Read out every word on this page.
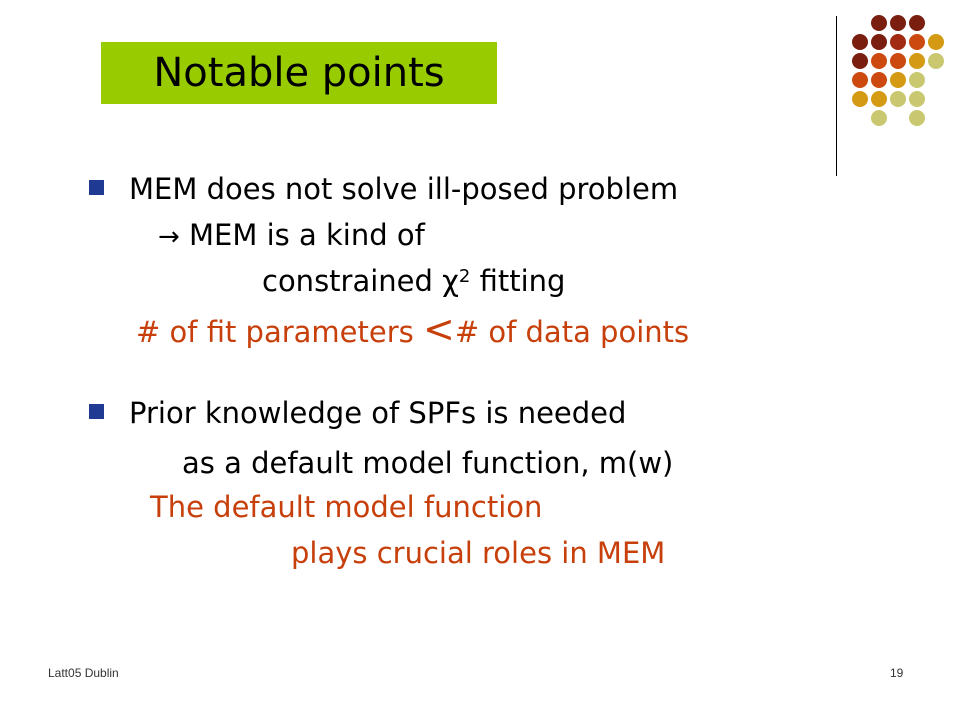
Notable points
MEM does not solve ill-posed problem
→ MEM is a kind of
constrained $\chi^2$ fitting
# of fit parameters <# of data points
Prior knowledge of SPFs is needed
as a default model function, m(w)
The default model function
plays crucial roles in MEM
Latt05 Dublin	19
